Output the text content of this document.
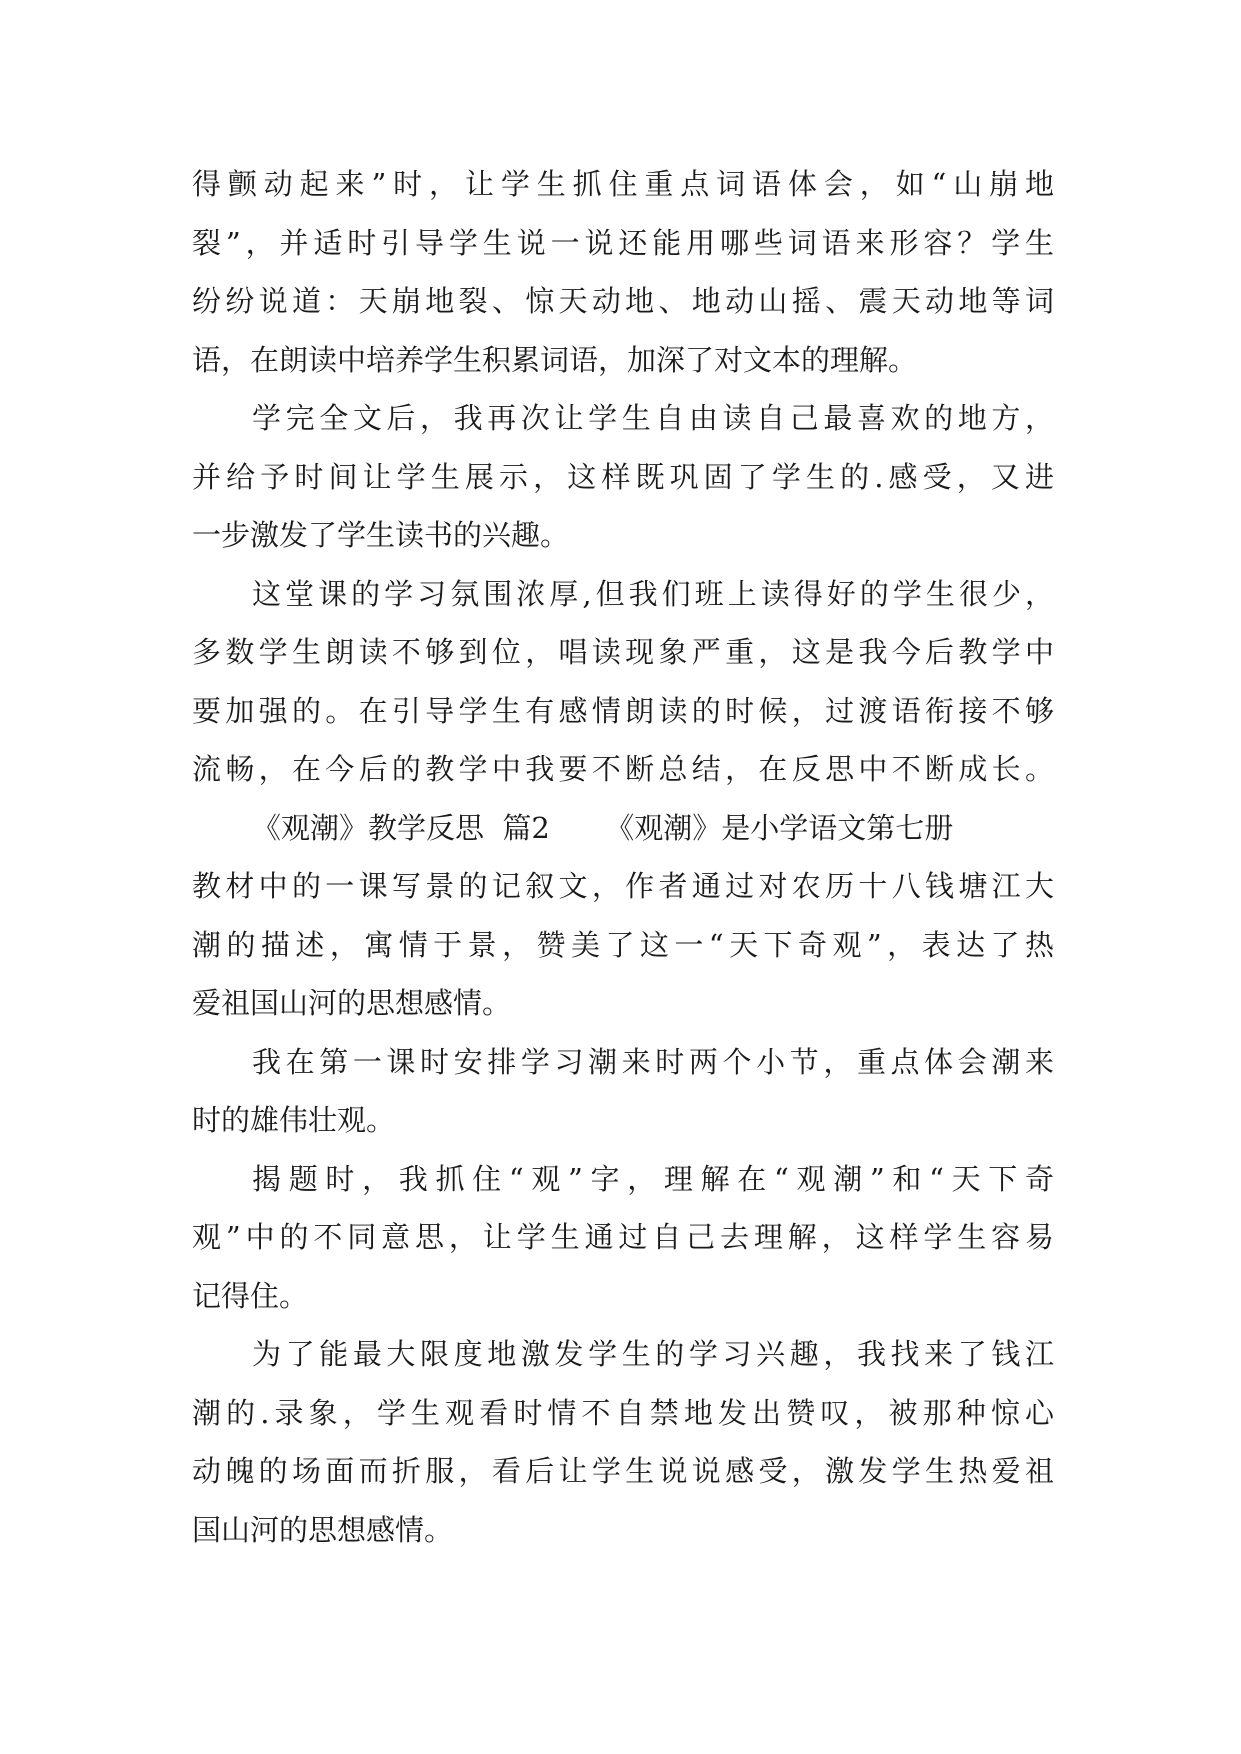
得颤动起来”时，让学生抓住重点词语体会，如“山崩地
裂”，并适时引导学生说一说还能用哪些词语来形容？学生
纷纷说道：天崩地裂、惊天动地、地动山摇、震天动地等词
语，在朗读中培养学生积累词语，加深了对文本的理解。
学完全文后，我再次让学生自由读自己最喜欢的地方，
并给予时间让学生展示，这样既巩固了学生的.感受，又进
一步激发了学生读书的兴趣。
这堂课的学习氛围浓厚,但我们班上读得好的学生很少，
多数学生朗读不够到位，唱读现象严重，这是我今后教学中
要加强的。在引导学生有感情朗读的时候，过渡语衔接不够
流畅，在今后的教学中我要不断总结，在反思中不断成长。
《观潮》教学反思  篇2      《观潮》是小学语文第七册
教材中的一课写景的记叙文，作者通过对农历十八钱塘江大
潮的描述，寓情于景，赞美了这一“天下奇观”，表达了热
爱祖国山河的思想感情。
我在第一课时安排学习潮来时两个小节，重点体会潮来
时的雄伟壮观。
揭题时，我抓住“观”字，理解在“观潮”和“天下奇
观”中的不同意思，让学生通过自己去理解，这样学生容易
记得住。
为了能最大限度地激发学生的学习兴趣，我找来了钱江
潮的.录象，学生观看时情不自禁地发出赞叹，被那种惊心
动魄的场面而折服，看后让学生说说感受，激发学生热爱祖
国山河的思想感情。
